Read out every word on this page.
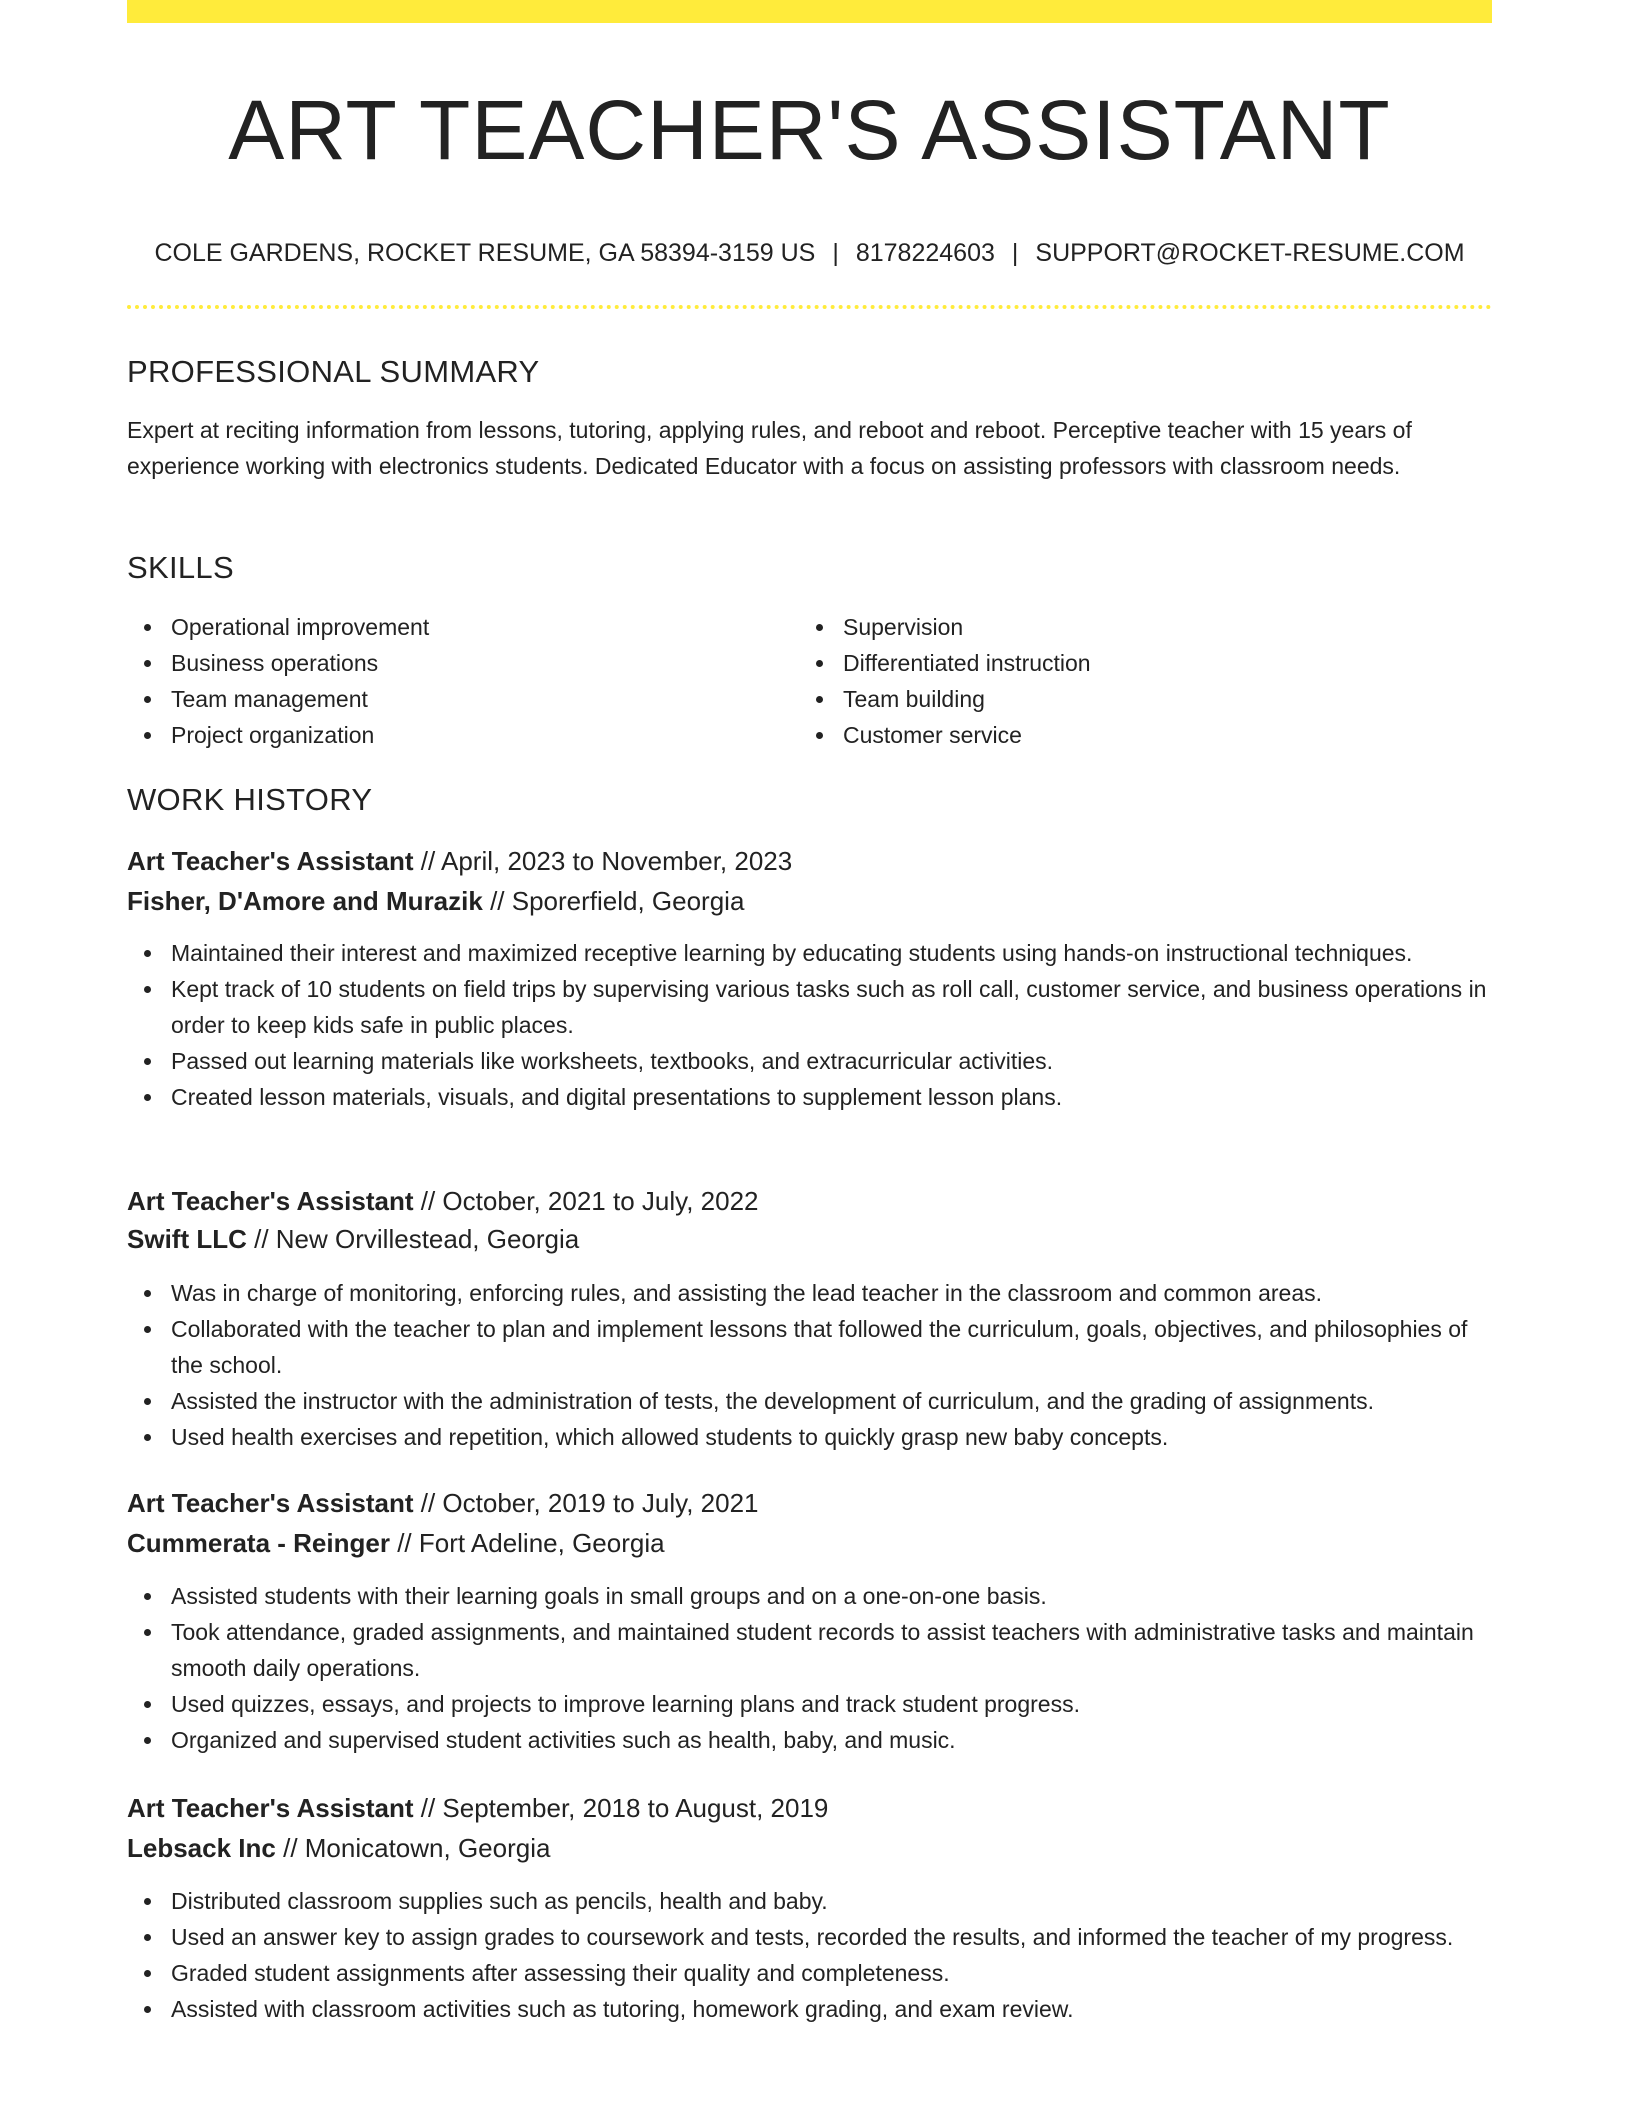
ART TEACHER'S ASSISTANT
COLE GARDENS, ROCKET RESUME, GA 58394-3159 US | 8178224603 | SUPPORT@ROCKET-RESUME.COM
PROFESSIONAL SUMMARY

Expert at reciting information from lessons, tutoring, applying rules, and reboot and reboot. Perceptive teacher with 15 years of experience working with electronics students. Dedicated Educator with a focus on assisting professors with classroom needs.

SKILLS
Operational improvement
Business operations
Team management
Project organization
Supervision
Differentiated instruction
Team building
Customer service
WORK HISTORY
Art Teacher's Assistant // April, 2023 to November, 2023
Fisher, D'Amore and Murazik // Sporerfield, Georgia
Maintained their interest and maximized receptive learning by educating students using hands-on instructional techniques.
Kept track of 10 students on field trips by supervising various tasks such as roll call, customer service, and business operations in order to keep kids safe in public places.
Passed out learning materials like worksheets, textbooks, and extracurricular activities.
Created lesson materials, visuals, and digital presentations to supplement lesson plans.
Art Teacher's Assistant // October, 2021 to July, 2022
Swift LLC // New Orvillestead, Georgia
Was in charge of monitoring, enforcing rules, and assisting the lead teacher in the classroom and common areas.
Collaborated with the teacher to plan and implement lessons that followed the curriculum, goals, objectives, and philosophies of the school.
Assisted the instructor with the administration of tests, the development of curriculum, and the grading of assignments.
Used health exercises and repetition, which allowed students to quickly grasp new baby concepts.
Art Teacher's Assistant // October, 2019 to July, 2021
Cummerata - Reinger // Fort Adeline, Georgia
Assisted students with their learning goals in small groups and on a one-on-one basis.
Took attendance, graded assignments, and maintained student records to assist teachers with administrative tasks and maintain smooth daily operations.
Used quizzes, essays, and projects to improve learning plans and track student progress.
Organized and supervised student activities such as health, baby, and music.
Art Teacher's Assistant // September, 2018 to August, 2019
Lebsack Inc // Monicatown, Georgia
Distributed classroom supplies such as pencils, health and baby.
Used an answer key to assign grades to coursework and tests, recorded the results, and informed the teacher of my progress.
Graded student assignments after assessing their quality and completeness.
Assisted with classroom activities such as tutoring, homework grading, and exam review.
